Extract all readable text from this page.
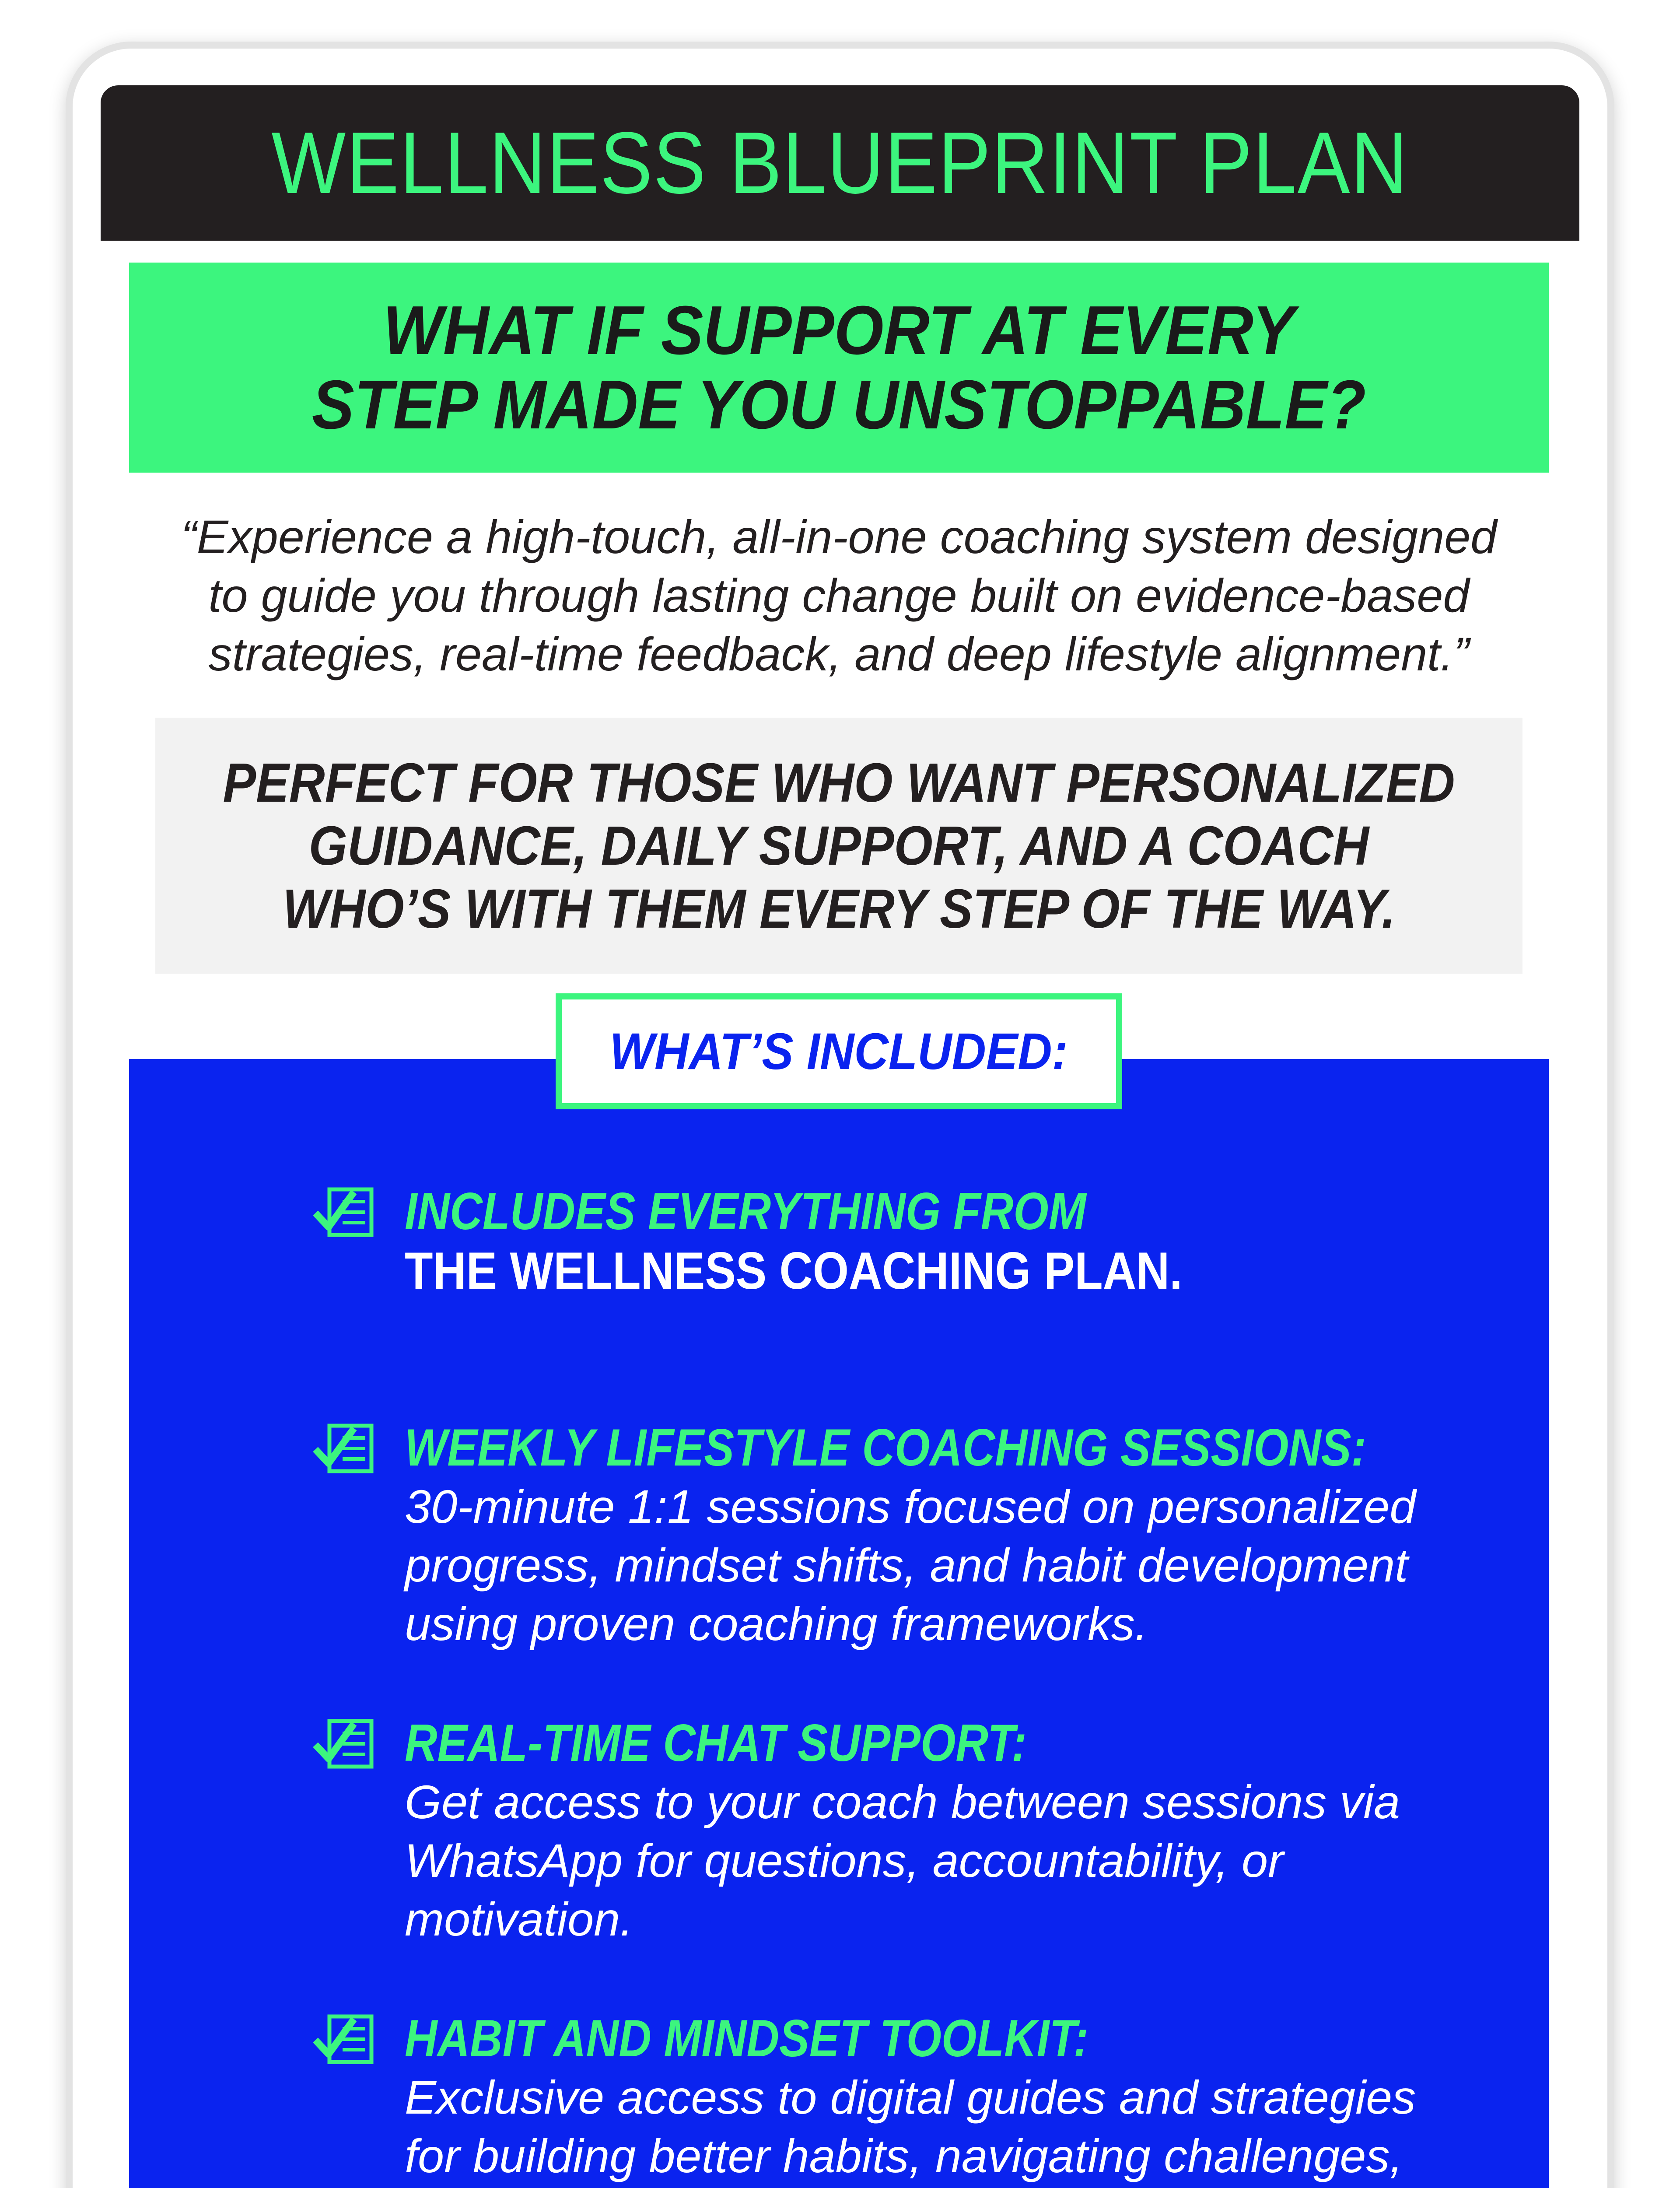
WELLNESS BLUEPRINT PLAN
WHAT IF SUPPORT AT EVERY
STEP MADE YOU UNSTOPPABLE?
“Experience a high-touch, all-in-one coaching system designed
to guide you through lasting change built on evidence-based
strategies, real-time feedback, and deep lifestyle alignment.”
PERFECT FOR THOSE WHO WANT PERSONALIZED
GUIDANCE, DAILY SUPPORT, AND A COACH
WHO’S WITH THEM EVERY STEP OF THE WAY.
WHAT’S INCLUDED:
INCLUDES EVERYTHING FROM
THE WELLNESS COACHING PLAN.
WEEKLY LIFESTYLE COACHING SESSIONS:
30-minute 1:1 sessions focused on personalized
progress, mindset shifts, and habit development
using proven coaching frameworks.
REAL-TIME CHAT SUPPORT:
Get access to your coach between sessions via
WhatsApp for questions, accountability, or
motivation.
HABIT AND MINDSET TOOLKIT:
Exclusive access to digital guides and strategies
for building better habits, navigating challenges,
